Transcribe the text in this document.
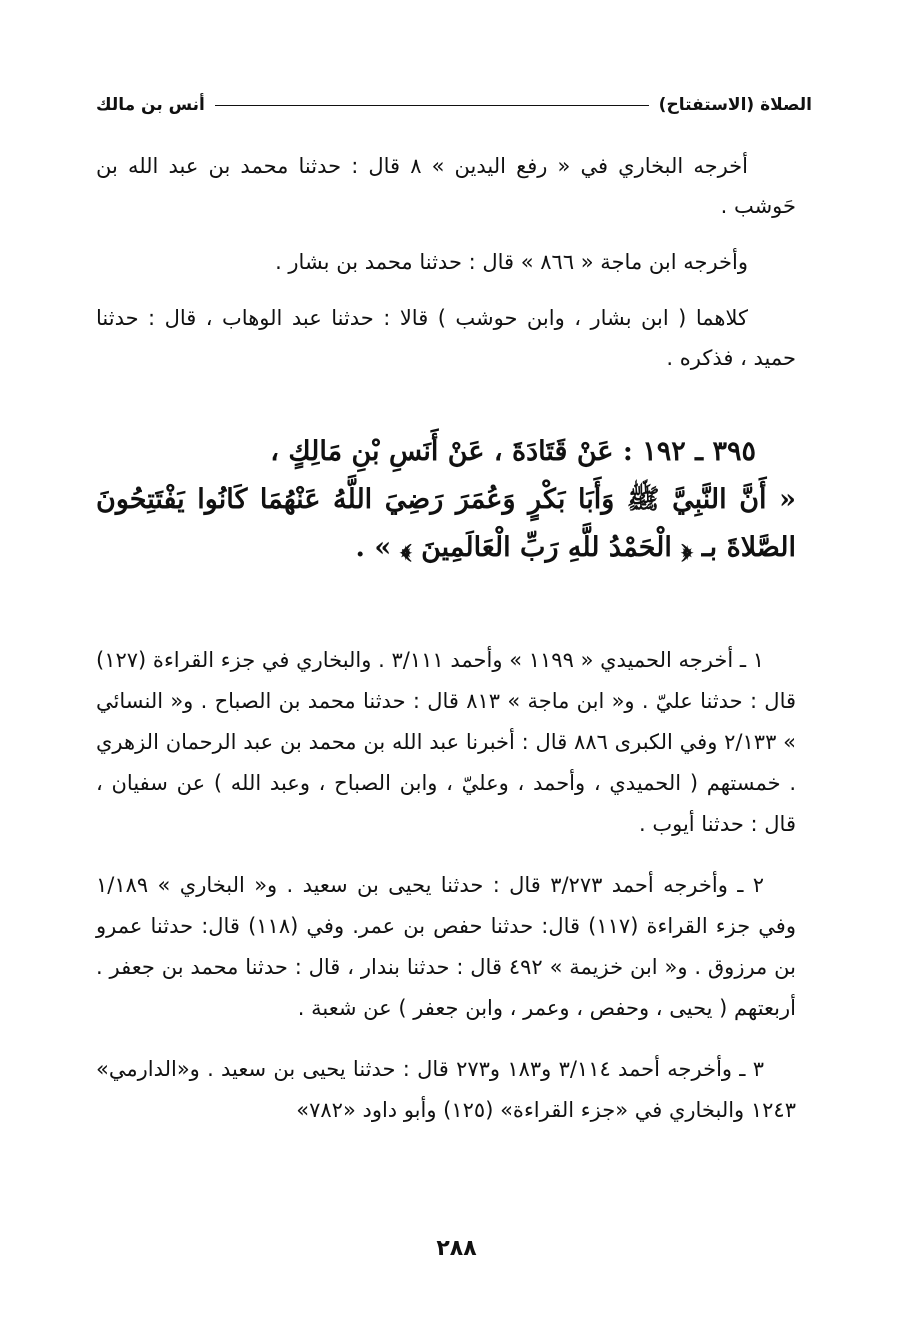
الصلاة (الاستفتاح)
أنس بن مالك
أخرجه البخاري في « رفع اليدين » ٨ قال : حدثنا محمد بن عبد الله بن حَوشب .
وأخرجه ابن ماجة « ٨٦٦ » قال : حدثنا محمد بن بشار .
كلاهما ( ابن بشار ، وابن حوشب ) قالا : حدثنا عبد الوهاب ، قال : حدثنا حميد ، فذكره .

٣٩٥ ـ ١٩٢ : عَنْ قَتَادَةَ ، عَنْ أَنَسِ بْنِ مَالِكٍ ،

« أَنَّ النَّبِيَّ ﷺ وَأَبَا بَكْرٍ وَعُمَرَ رَضِيَ اللَّهُ عَنْهُمَا كَانُوا يَفْتَتِحُونَ الصَّلاةَ بـ ﴿ الْحَمْدُ للَّهِ رَبِّ الْعَالَمِينَ ﴾ » .

١ ـ أخرجه الحميدي « ١١٩٩ » وأحمد ٣/١١١ . والبخاري في جزء القراءة (١٢٧) قال : حدثنا عليّ . و« ابن ماجة » ٨١٣ قال : حدثنا محمد بن الصباح . و« النسائي » ٢/١٣٣ وفي الكبرى ٨٨٦ قال : أخبرنا عبد الله بن محمد بن عبد الرحمان الزهري . خمستهم ( الحميدي ، وأحمد ، وعليّ ، وابن الصباح ، وعبد الله ) عن سفيان ، قال : حدثنا أيوب .

٢ ـ وأخرجه أحمد ٣/٢٧٣ قال : حدثنا يحيى بن سعيد . و« البخاري » ١/١٨٩ وفي جزء القراءة (١١٧) قال: حدثنا حفص بن عمر. وفي (١١٨) قال: حدثنا عمرو بن مرزوق . و« ابن خزيمة » ٤٩٢ قال : حدثنا بندار ، قال : حدثنا محمد بن جعفر . أربعتهم ( يحيى ، وحفص ، وعمر ، وابن جعفر ) عن شعبة .

٣ ـ وأخرجه أحمد ٣/١١٤ و١٨٣ و٢٧٣ قال : حدثنا يحيى بن سعيد . و«الدارمي» ١٢٤٣ والبخاري في «جزء القراءة» (١٢٥) وأبو داود «٧٨٢»

٢٨٨
